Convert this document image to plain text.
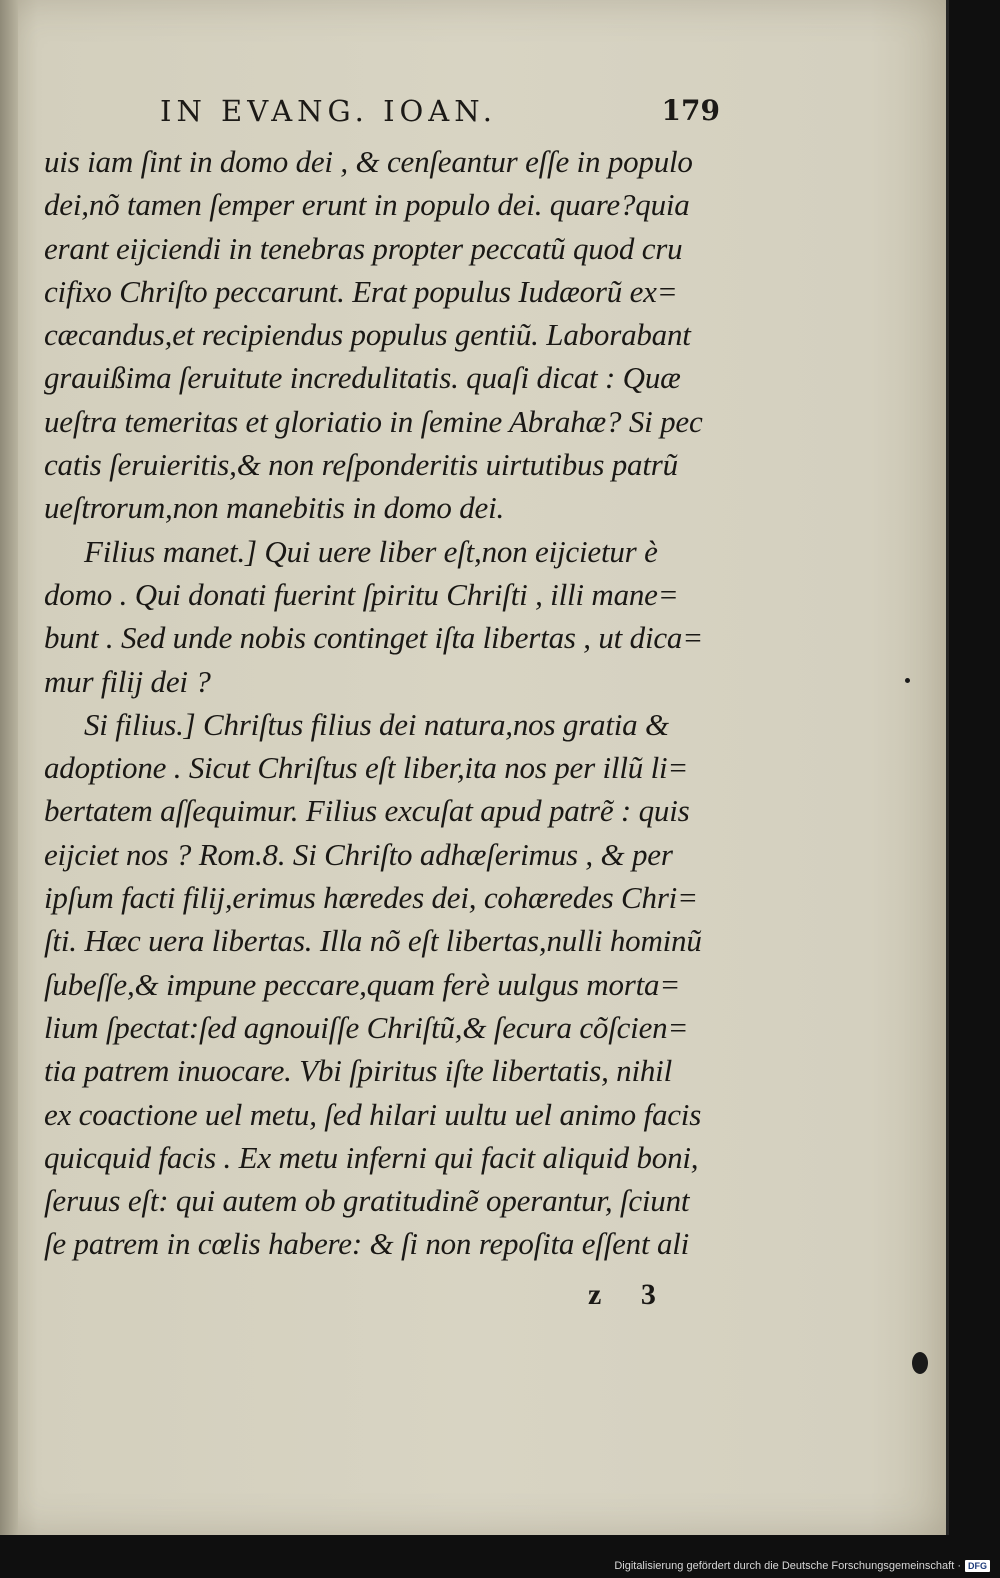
IN EVANG. IOAN.	179
uis iam ſint in domo dei , & cenſeantur eſſe in populo
dei,nõ tamen ſemper erunt in populo dei. quare?quia
erant eijciendi in tenebras propter peccatũ quod cru
cifixo Chriſto peccarunt. Erat populus Iudæorũ ex=
cæcandus,et recipiendus populus gentiũ. Laborabant
grauißima ſeruitute incredulitatis. quaſi dicat : Quæ
ueſtra temeritas et gloriatio in ſemine Abrahæ? Si pec
catis ſeruieritis,& non reſponderitis uirtutibus patrũ
ueſtrorum,non manebitis in domo dei.
Filius manet.] Qui uere liber eſt,non eijcietur è
domo . Qui donati fuerint ſpiritu Chriſti , illi mane=
bunt . Sed unde nobis continget iſta libertas , ut dica=
mur filij dei ?
Si filius.] Chriſtus filius dei natura,nos gratia &
adoptione . Sicut Chriſtus eſt liber,ita nos per illũ li=
bertatem aſſequimur. Filius excuſat apud patrẽ : quis
eijciet nos ? Rom.8. Si Chriſto adhæſerimus , & per
ipſum facti filij,erimus hæredes dei, cohæredes Chri=
ſti. Hæc uera libertas. Illa nõ eſt libertas,nulli hominũ
ſubeſſe,& impune peccare,quam ferè uulgus morta=
lium ſpectat:ſed agnouiſſe Chriſtũ,& ſecura cõſcien=
tia patrem inuocare. Vbi ſpiritus iſte libertatis, nihil
ex coactione uel metu, ſed hilari uultu uel animo facis
quicquid facis . Ex metu inferni qui facit aliquid boni,
ſeruus eſt: qui autem ob gratitudinẽ operantur, ſciunt
ſe patrem in cœlis habere: & ſi non repoſita eſſent ali
z 3
Digitalisierung gefördert durch die Deutsche Forschungsgemeinschaft · DFG
